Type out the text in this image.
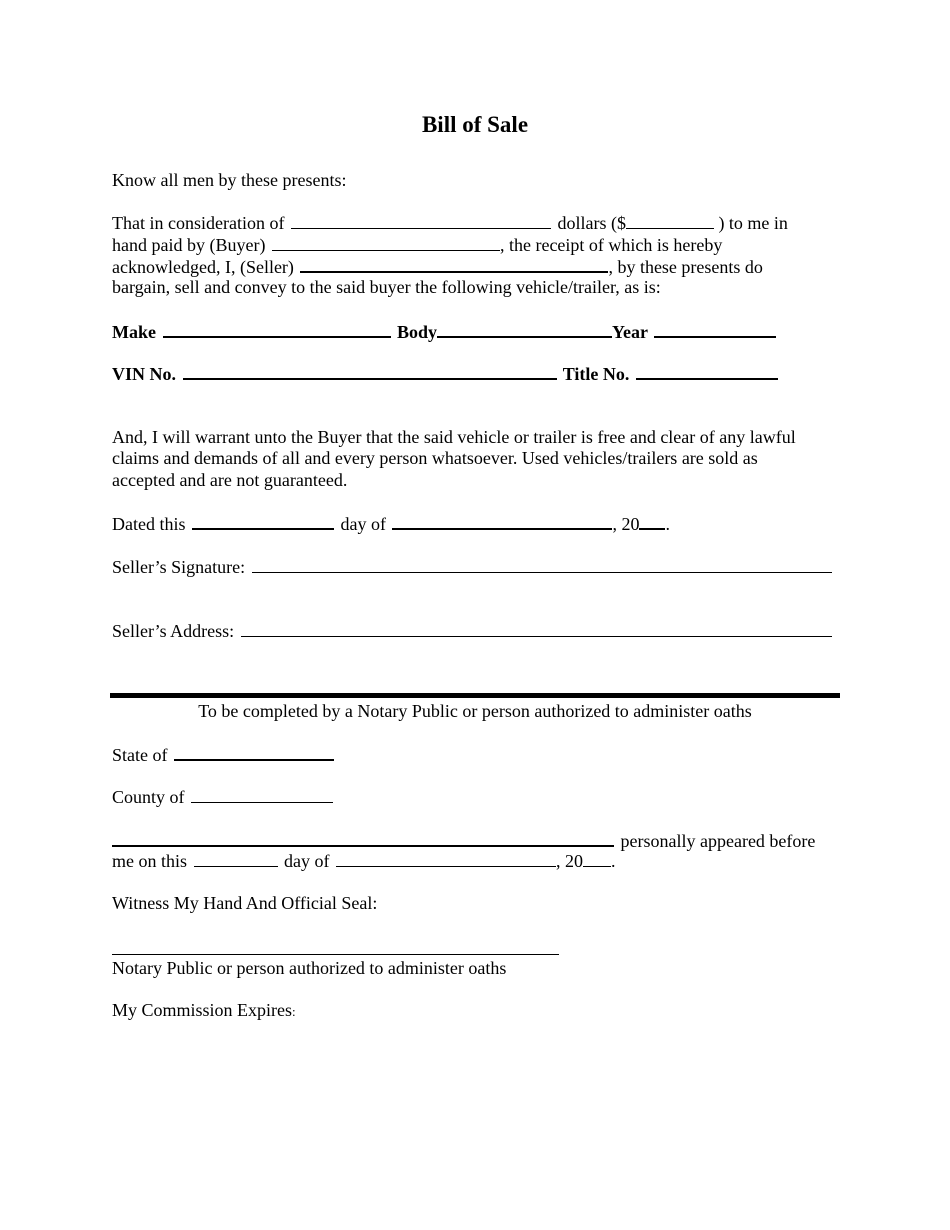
Bill of Sale
Know all men by these presents:
That in consideration of	dollars ($	) to me in
hand paid by (Buyer)	, the receipt of which is hereby
acknowledged, I, (Seller)	, by these presents do
bargain, sell and convey to the said buyer the following vehicle/trailer, as is:
Make	Body	Year
VIN No.	Title No.
And, I will warrant unto the Buyer that the said vehicle or trailer is free and clear of any lawful
claims and demands of all and every person whatsoever. Used vehicles/trailers are sold as
accepted and are not guaranteed.
Dated this	day of	, 20 .
Seller’s Signature:
Seller’s Address:
To be completed by a Notary Public or person authorized to administer oaths
State of
County of
personally appeared before
me on this	day of	, 20 .
Witness My Hand And Official Seal:
Notary Public or person authorized to administer oaths
My Commission Expires:
